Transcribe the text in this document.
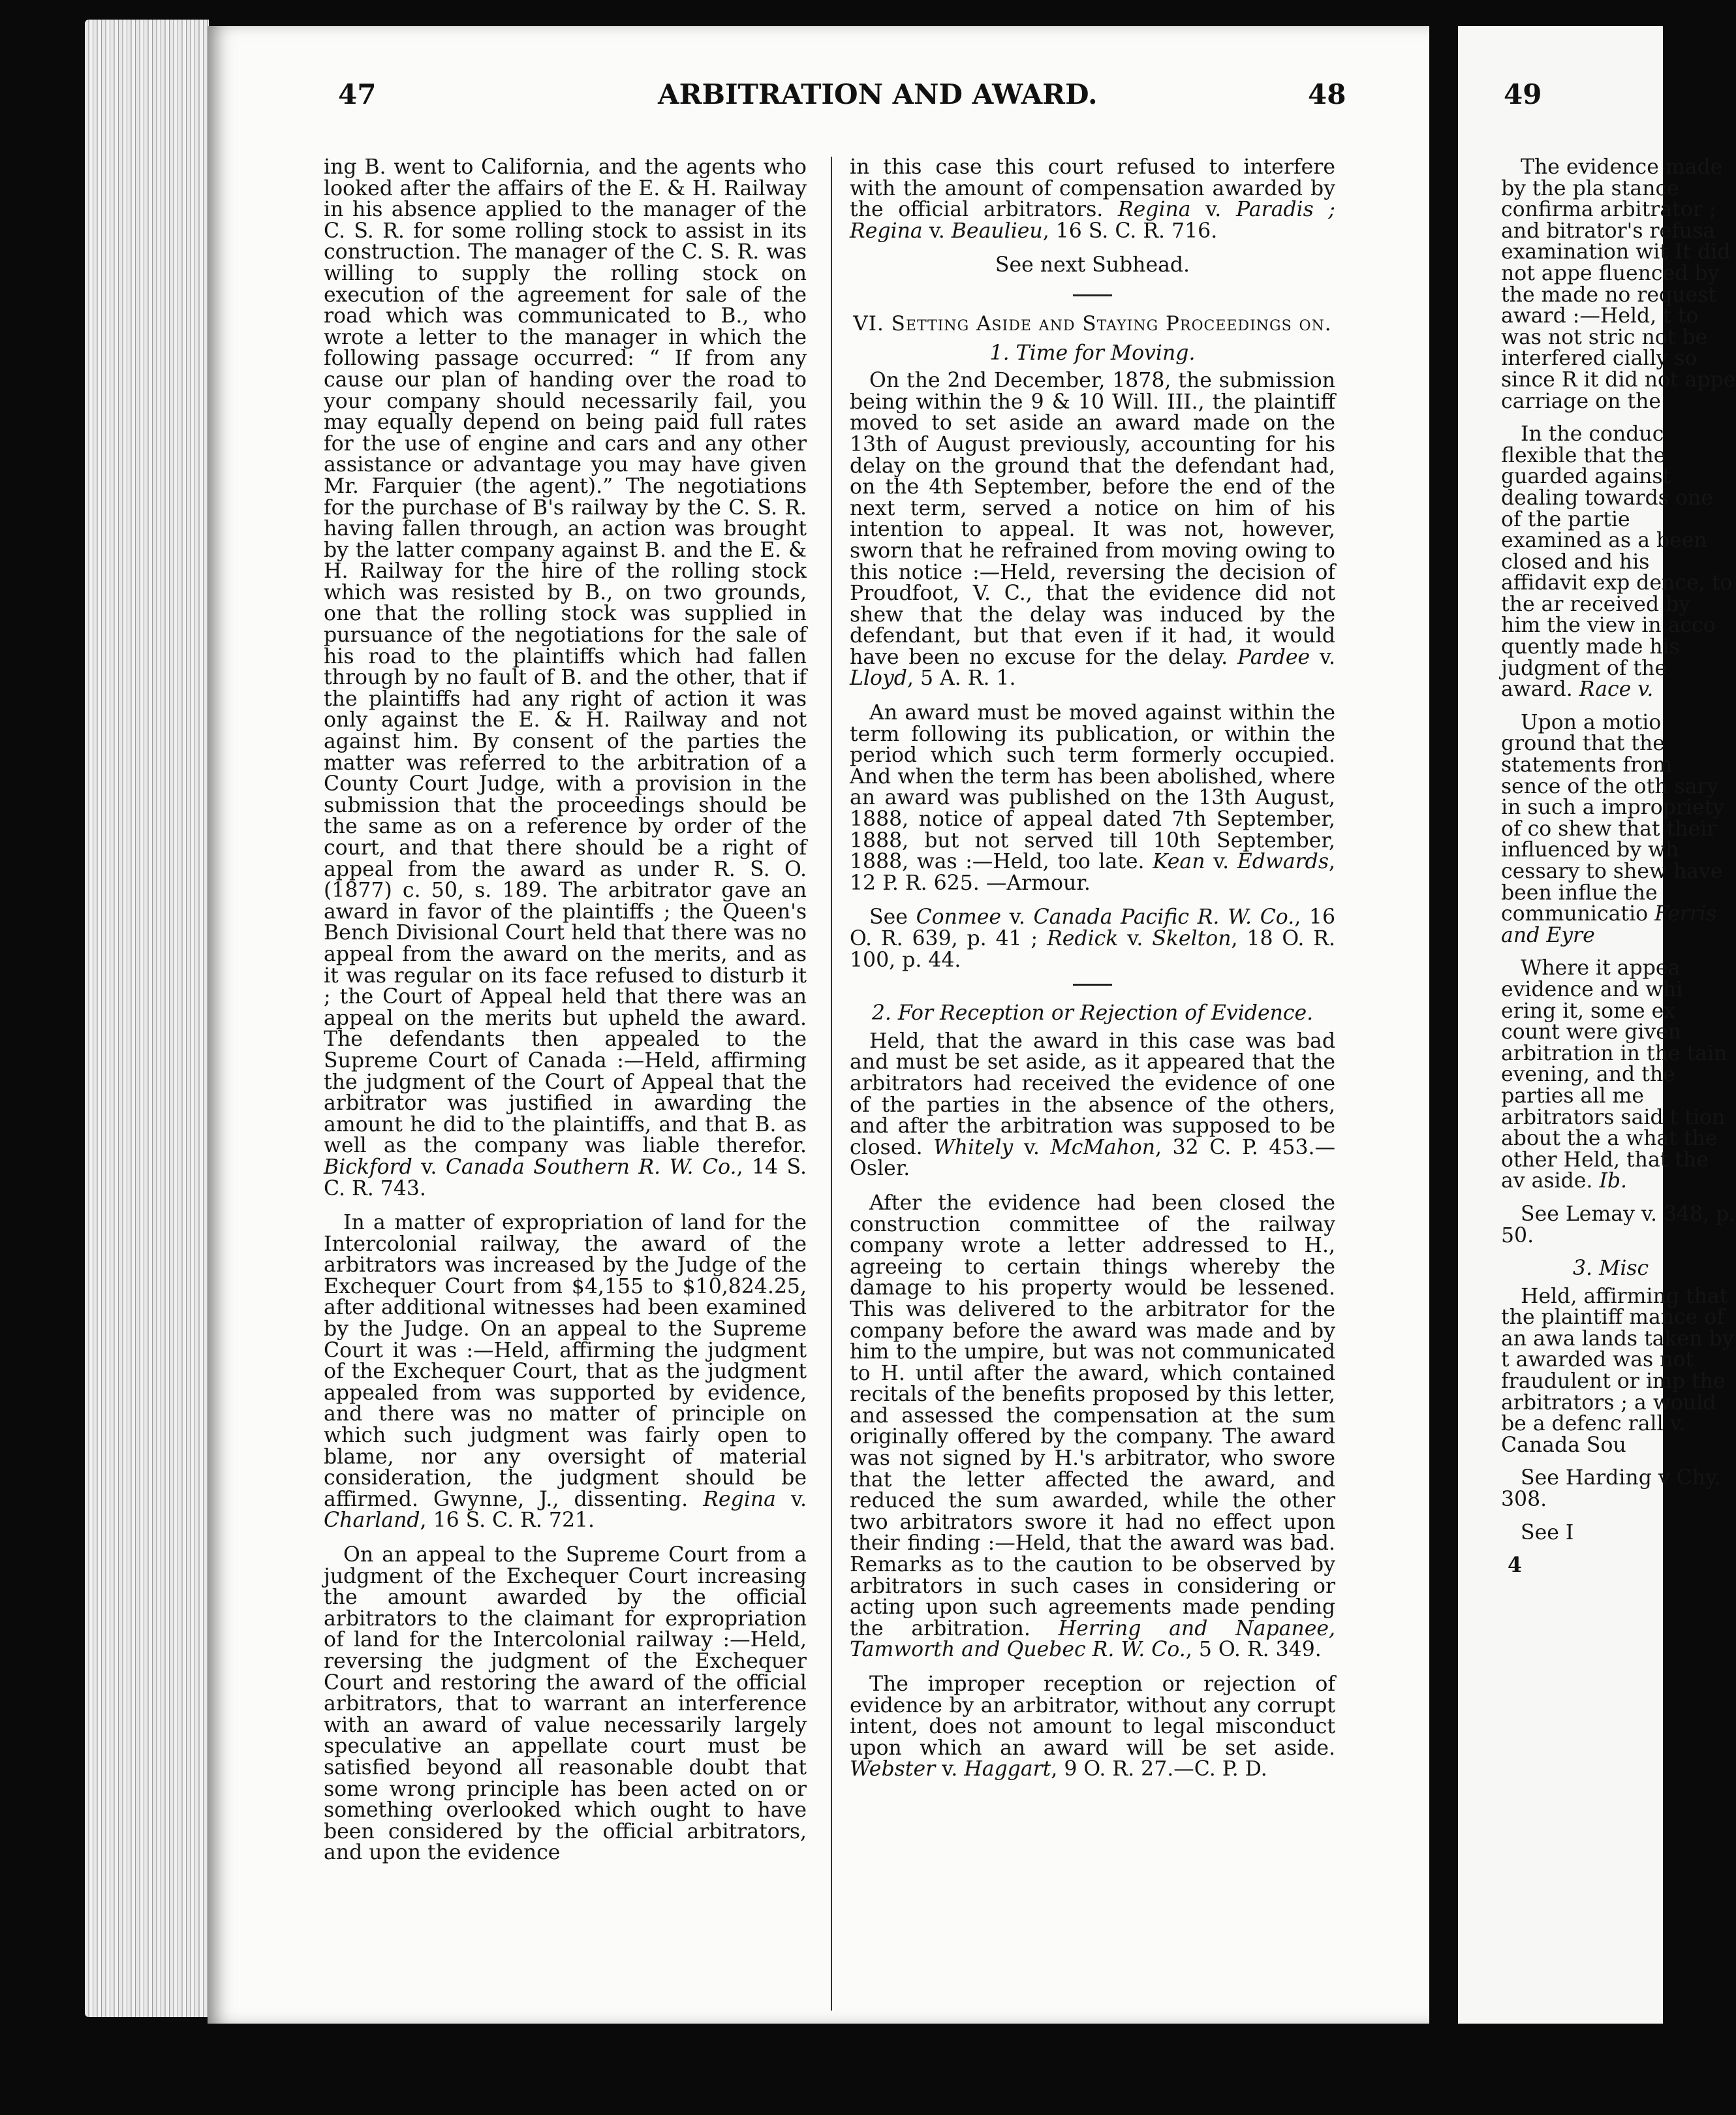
47	ARBITRATION AND AWARD.	48

ing B. went to California, and the agents who looked after the affairs of the E. & H. Railway in his absence applied to the manager of the C. S. R. for some rolling stock to assist in its construction. The manager of the C. S. R. was willing to supply the rolling stock on execution of the agreement for sale of the road which was communicated to B., who wrote a letter to the manager in which the following passage occurred: “ If from any cause our plan of handing over the road to your company should necessarily fail, you may equally depend on being paid full rates for the use of engine and cars and any other assistance or advantage you may have given Mr. Farquier (the agent).” The negotiations for the purchase of B's railway by the C. S. R. having fallen through, an action was brought by the latter company against B. and the E. & H. Railway for the hire of the rolling stock which was resisted by B., on two grounds, one that the rolling stock was supplied in pursuance of the negotiations for the sale of his road to the plaintiffs which had fallen through by no fault of B. and the other, that if the plaintiffs had any right of action it was only against the E. & H. Railway and not against him. By consent of the parties the matter was referred to the arbitration of a County Court Judge, with a provision in the submission that the proceedings should be the same as on a reference by order of the court, and that there should be a right of appeal from the award as under R. S. O. (1877) c. 50, s. 189. The arbitrator gave an award in favor of the plaintiffs ; the Queen's Bench Divisional Court held that there was no appeal from the award on the merits, and as it was regular on its face refused to disturb it ; the Court of Appeal held that there was an appeal on the merits but upheld the award. The defendants then appealed to the Supreme Court of Canada :—Held, affirming the judgment of the Court of Appeal that the arbitrator was justified in awarding the amount he did to the plaintiffs, and that B. as well as the company was liable therefor. Bickford v. Canada Southern R. W. Co., 14 S. C. R. 743.

In a matter of expropriation of land for the Intercolonial railway, the award of the arbitrators was increased by the Judge of the Exchequer Court from $4,155 to $10,824.25, after additional witnesses had been examined by the Judge. On an appeal to the Supreme Court it was :—Held, affirming the judgment of the Exchequer Court, that as the judgment appealed from was supported by evidence, and there was no matter of principle on which such judgment was fairly open to blame, nor any oversight of material consideration, the judgment should be affirmed. Gwynne, J., dissenting. Regina v. Charland, 16 S. C. R. 721.

On an appeal to the Supreme Court from a judgment of the Exchequer Court increasing the amount awarded by the official arbitrators to the claimant for expropriation of land for the Intercolonial railway :—Held, reversing the judgment of the Exchequer Court and restoring the award of the official arbitrators, that to warrant an interference with an award of value necessarily largely speculative an appellate court must be satisfied beyond all reasonable doubt that some wrong principle has been acted on or something overlooked which ought to have been considered by the official arbitrators, and upon the evidence

in this case this court refused to interfere with the amount of compensation awarded by the official arbitrators. Regina v. Paradis ; Regina v. Beaulieu, 16 S. C. R. 716.

See next Subhead.

VI. Setting Aside and Staying Proceedings on.
1. Time for Moving.

On the 2nd December, 1878, the submission being within the 9 & 10 Will. III., the plaintiff moved to set aside an award made on the 13th of August previously, accounting for his delay on the ground that the defendant had, on the 4th September, before the end of the next term, served a notice on him of his intention to appeal. It was not, however, sworn that he refrained from moving owing to this notice :—Held, reversing the decision of Proudfoot, V. C., that the evidence did not shew that the delay was induced by the defendant, but that even if it had, it would have been no excuse for the delay. Pardee v. Lloyd, 5 A. R. 1.

An award must be moved against within the term following its publication, or within the period which such term formerly occupied. And when the term has been abolished, where an award was published on the 13th August, 1888, notice of appeal dated 7th September, 1888, but not served till 10th September, 1888, was :—Held, too late. Kean v. Edwards, 12 P. R. 625. —Armour.

See Conmee v. Canada Pacific R. W. Co., 16 O. R. 639, p. 41 ; Redick v. Skelton, 18 O. R. 100, p. 44.

2. For Reception or Rejection of Evidence.

Held, that the award in this case was bad and must be set aside, as it appeared that the arbitrators had received the evidence of one of the parties in the absence of the others, and after the arbitration was supposed to be closed. Whitely v. McMahon, 32 C. P. 453.—Osler.

After the evidence had been closed the construction committee of the railway company wrote a letter addressed to H., agreeing to certain things whereby the damage to his property would be lessened. This was delivered to the arbitrator for the company before the award was made and by him to the umpire, but was not communicated to H. until after the award, which contained recitals of the benefits proposed by this letter, and assessed the compensation at the sum originally offered by the company. The award was not signed by H.'s arbitrator, who swore that the letter affected the award, and reduced the sum awarded, while the other two arbitrators swore it had no effect upon their finding :—Held, that the award was bad. Remarks as to the caution to be observed by arbitrators in such cases in considering or acting upon such agreements made pending the arbitration. Herring and Napanee, Tamworth and Quebec R. W. Co., 5 O. R. 349.

The improper reception or rejection of evidence by an arbitrator, without any corrupt intent, does not amount to legal misconduct upon which an award will be set aside. Webster v. Haggart, 9 O. R. 27.—C. P. D.

49

The evidence made by the pla stance confirma arbitrator ; and bitrator's refusa examination wit It did not appe fluenced by the made no request award :—Held, t to was not stric not be interfered cially so since R it did not appe carriage on the

In the conduc flexible that the guarded against dealing towards one of the partie examined as a been closed and his affidavit exp dence, to the ar received by him the view in acco quently made his judgment of the award. Race v.

Upon a motio ground that the statements from sence of the oth sary in such a impropriety of co shew that their influenced by wh cessary to shew have been influe the communicatio Ferris and Eyre

Where it appea evidence and whi ering it, some ex count were given arbitration in the tain evening, and the parties all me arbitrators said t tion about the a what the other Held, that the av aside. Ib.

See Lemay v. 348, p. 50.

3. Misc

Held, affirming that the plaintiff mance of an awa lands taken by t awarded was not fraudulent or imp the arbitrators ; a would be a defenc rall v. Canada Sou

See Harding v Chy. 308.

See I

4
